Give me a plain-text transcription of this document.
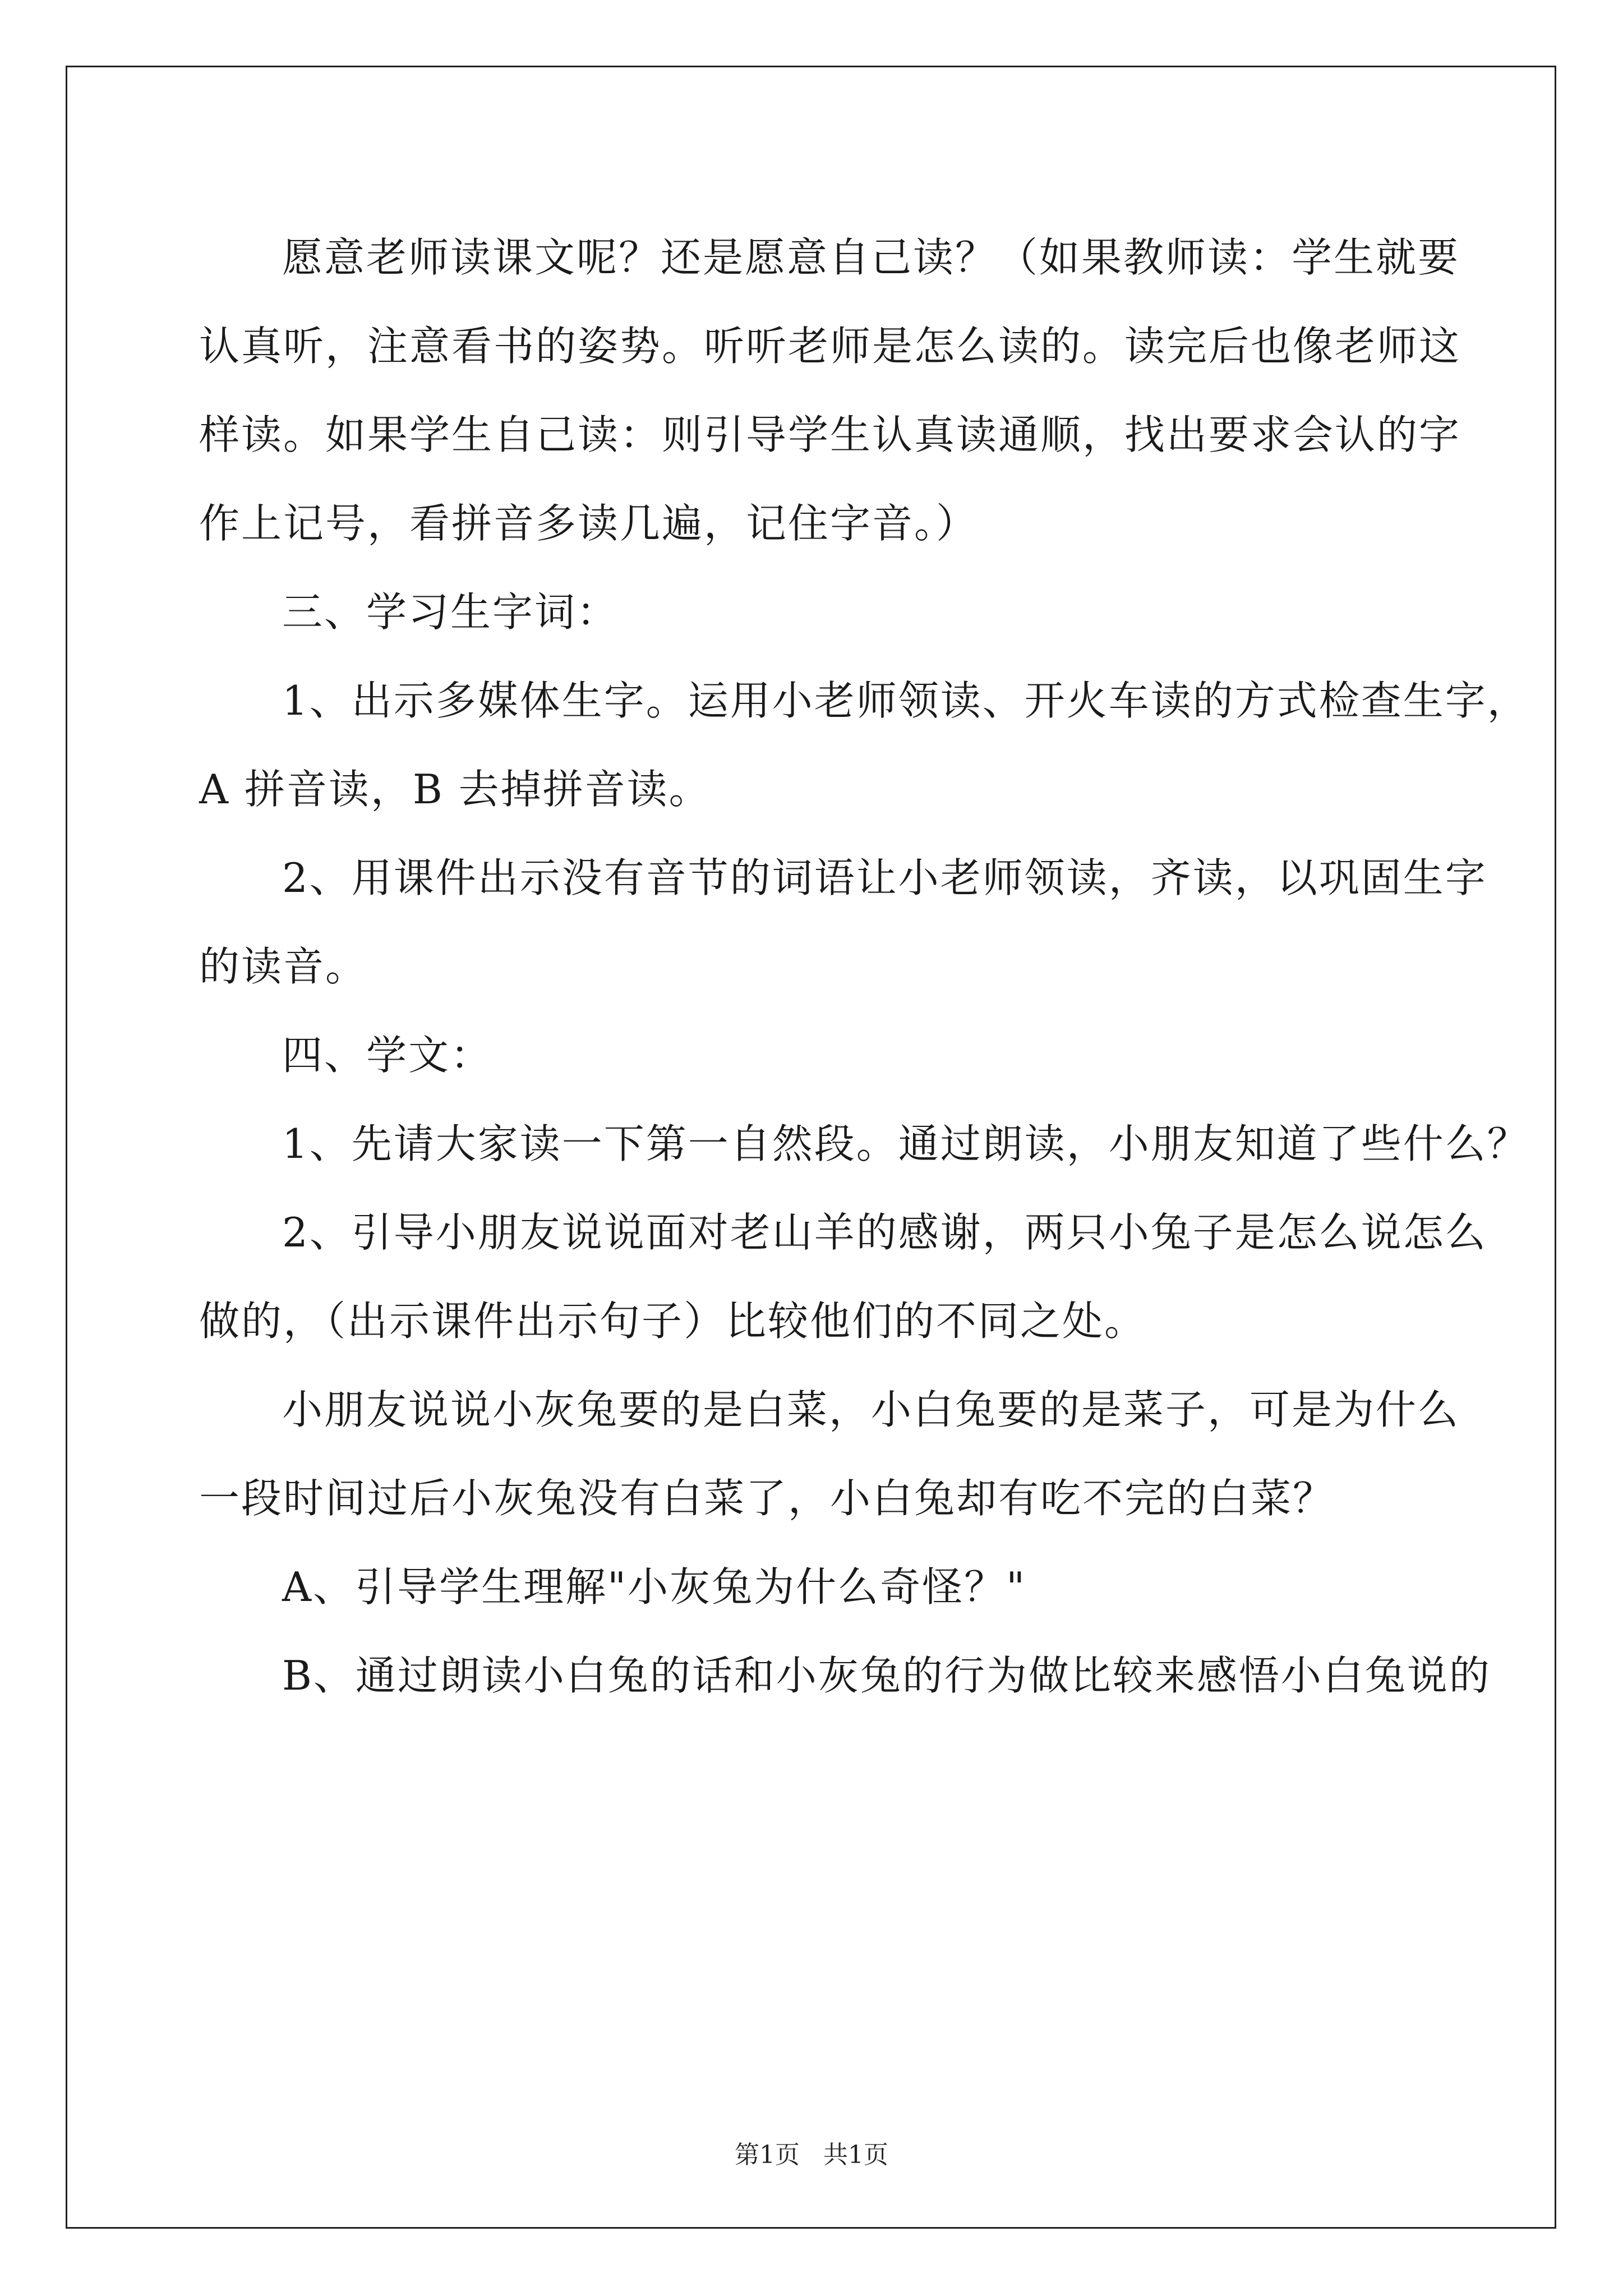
愿意老师读课文呢？还是愿意自己读？（如果教师读：学生就要

认真听，注意看书的姿势。听听老师是怎么读的。读完后也像老师这

样读。如果学生自己读：则引导学生认真读通顺，找出要求会认的字

作上记号，看拼音多读几遍，记住字音。）

三、学习生字词：

1、出示多媒体生字。运用小老师领读、开火车读的方式检查生字，

A 拼音读，B 去掉拼音读。

2、用课件出示没有音节的词语让小老师领读，齐读，以巩固生字

的读音。

四、学文：

1、先请大家读一下第一自然段。通过朗读，小朋友知道了些什么？

2、引导小朋友说说面对老山羊的感谢，两只小兔子是怎么说怎么

做的，（出示课件出示句子）比较他们的不同之处。

小朋友说说小灰兔要的是白菜，小白兔要的是菜子，可是为什么

一段时间过后小灰兔没有白菜了，小白兔却有吃不完的白菜？

A、引导学生理解"小灰兔为什么奇怪？"

B、通过朗读小白兔的话和小灰兔的行为做比较来感悟小白兔说的

第1页   共1页
